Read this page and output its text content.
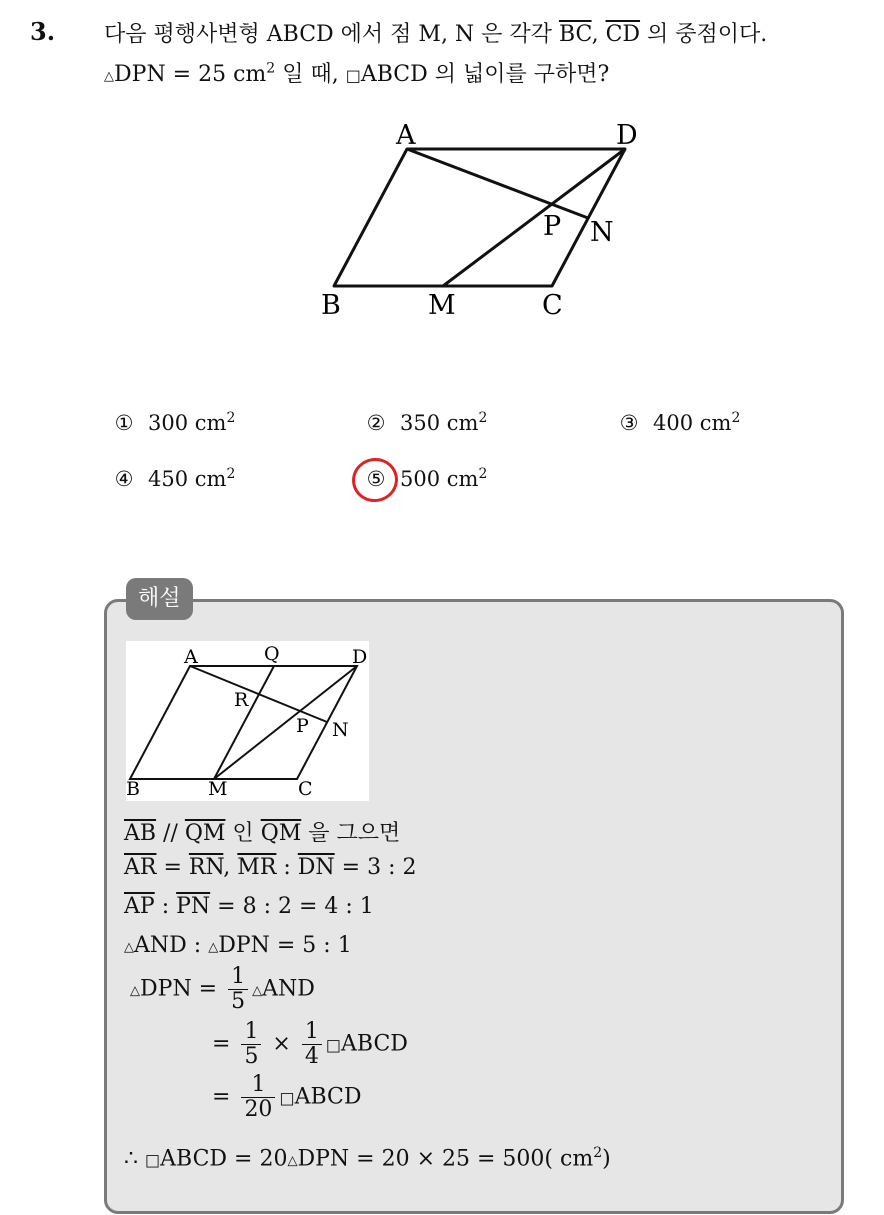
3. 다음 평행사변형 ABCD 에서 점 M, N 은 각각 $\overline{BC}$, $\overline{CD}$ 의 중점이다.
△DPN = 25 $cm^2$ 일 때, □ABCD 의 넓이를 구하면?
A	D
B	M	C
P N
① 300 $cm^2$	② 350 $cm^2$	③ 400 $cm^2$
④ 450 $cm^2$	⑤ 500 $cm^2$
해설
A	Q	D
R
P N
B	M	C
$\overline{AB} // \overline{QM}$ 인 $\overline{QM}$ 을 그으면
$\overline{AR} = \overline{RN}$, $\overline{MR}$ : $\overline{DN} = 3$ : 2
$\overline{AP}$ : $\overline{PN} = 8$ : 2 = 4 : 1
△AND : △DPN = 5 : 1
△DPN = $\frac{1}{5}$ △AND
= $\frac{1}{5} \times \frac{1}{4}$ □ABCD
= $\frac{1}{20}$ □ABCD
∴ □ABCD = 20△DPN = 20 × 25 = 500( $cm^2$)
